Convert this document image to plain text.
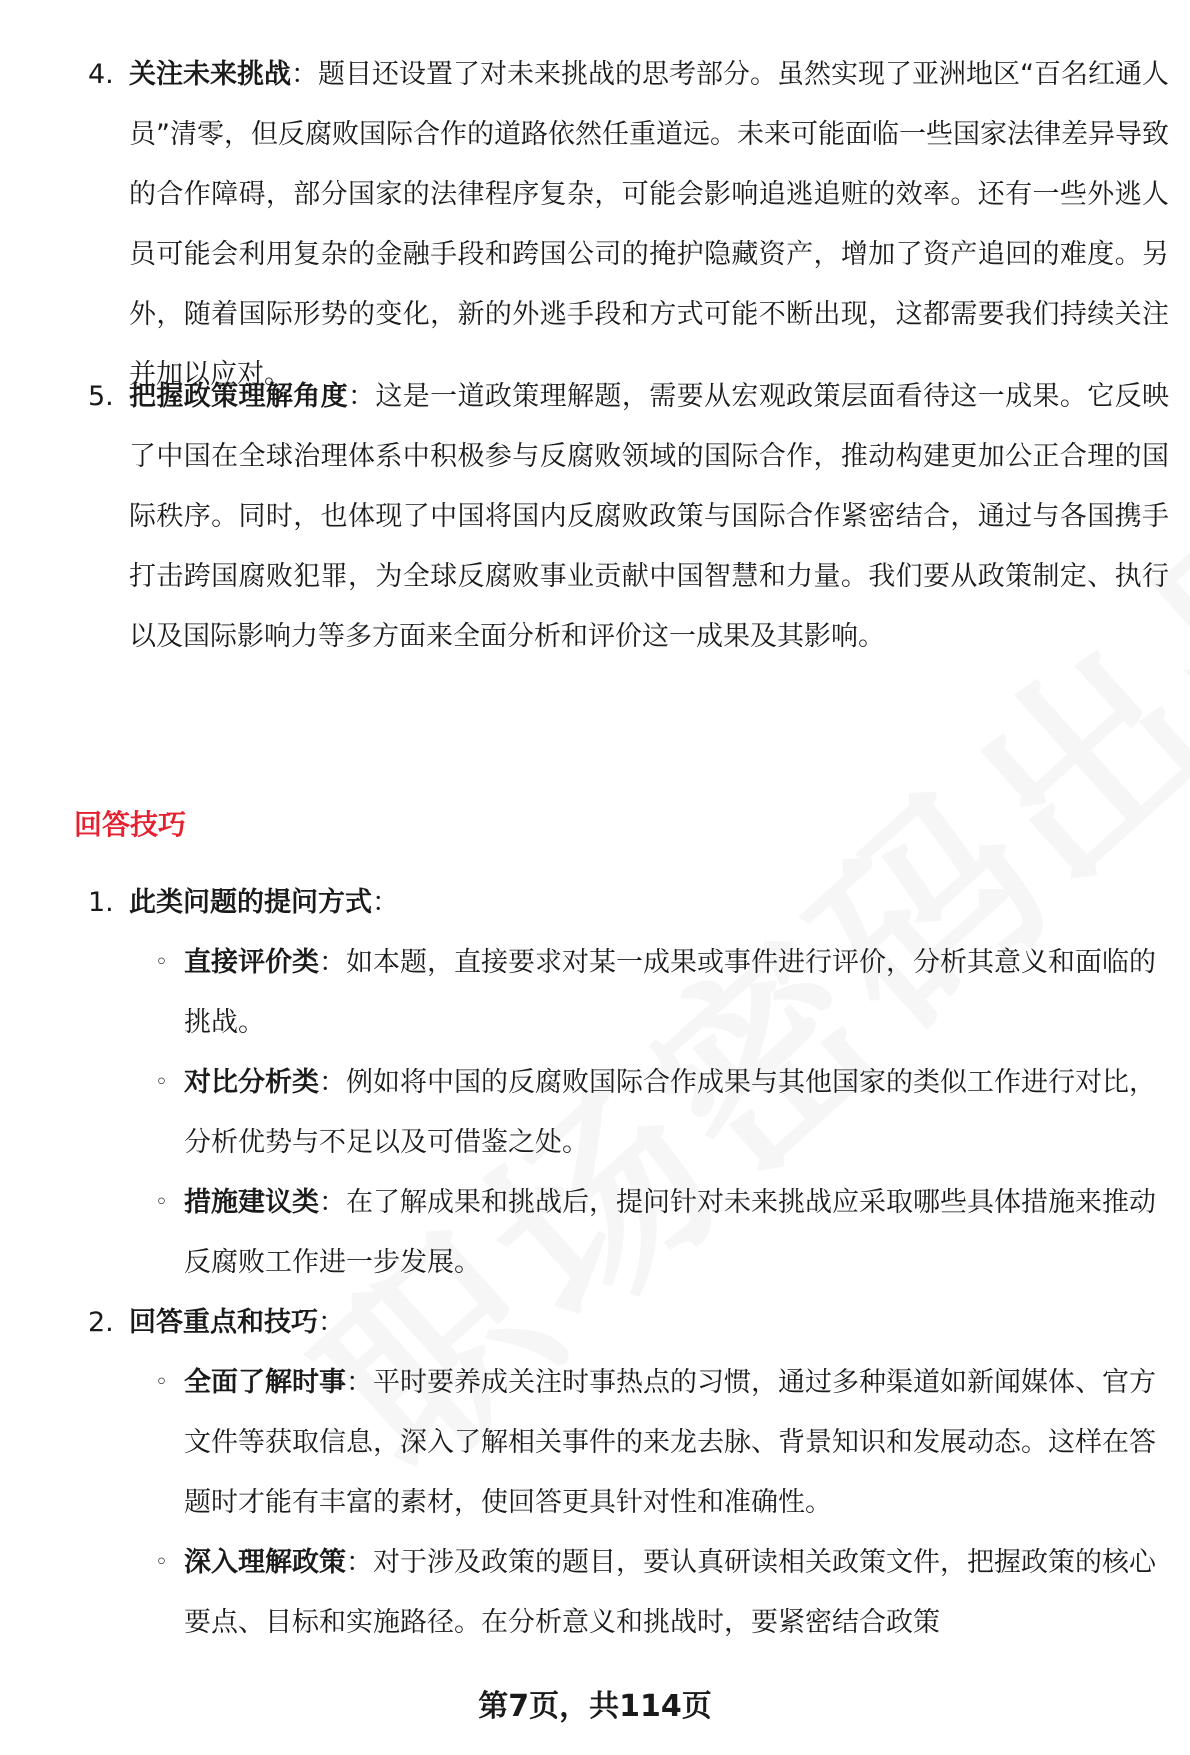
4. 关注未来挑战：题目还设置了对未来挑战的思考部分。虽然实现了亚洲地区“百名红通人员”清零，但反腐败国际合作的道路依然任重道远。未来可能面临一些国家法律差异导致的合作障碍，部分国家的法律程序复杂，可能会影响追逃追赃的效率。还有一些外逃人员可能会利用复杂的金融手段和跨国公司的掩护隐藏资产，增加了资产追回的难度。另外，随着国际形势的变化，新的外逃手段和方式可能不断出现，这都需要我们持续关注并加以应对。
5. 把握政策理解角度：这是一道政策理解题，需要从宏观政策层面看待这一成果。它反映了中国在全球治理体系中积极参与反腐败领域的国际合作，推动构建更加公正合理的国际秩序。同时，也体现了中国将国内反腐败政策与国际合作紧密结合，通过与各国携手打击跨国腐败犯罪，为全球反腐败事业贡献中国智慧和力量。我们要从政策制定、执行以及国际影响力等多方面来全面分析和评价这一成果及其影响。
回答技巧
1. 此类问题的提问方式：
◦ 直接评价类：如本题，直接要求对某一成果或事件进行评价，分析其意义和面临的挑战。
◦ 对比分析类：例如将中国的反腐败国际合作成果与其他国家的类似工作进行对比，分析优势与不足以及可借鉴之处。
◦ 措施建议类：在了解成果和挑战后，提问针对未来挑战应采取哪些具体措施来推动反腐败工作进一步发展。
2. 回答重点和技巧：
◦ 全面了解时事：平时要养成关注时事热点的习惯，通过多种渠道如新闻媒体、官方文件等获取信息，深入了解相关事件的来龙去脉、背景知识和发展动态。这样在答题时才能有丰富的素材，使回答更具针对性和准确性。
◦ 深入理解政策：对于涉及政策的题目，要认真研读相关政策文件，把握政策的核心要点、目标和实施路径。在分析意义和挑战时，要紧密结合政策
第7页，共114页
